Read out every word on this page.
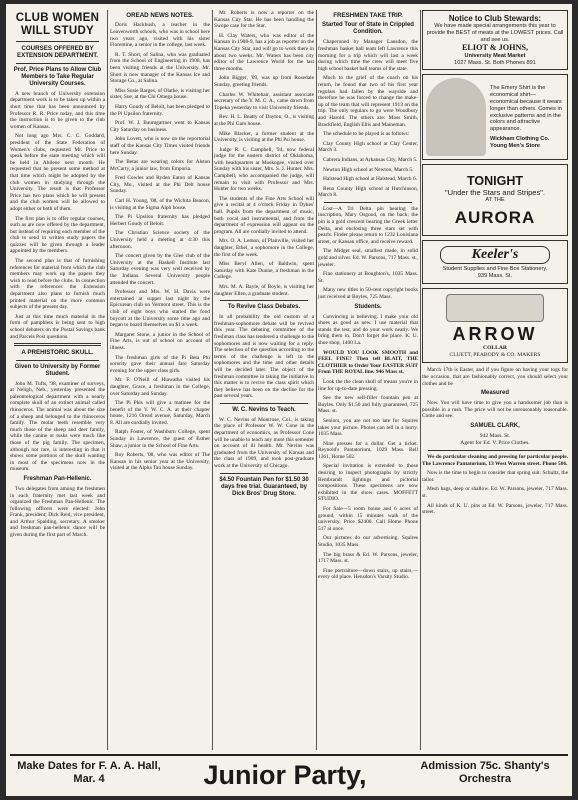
CLUB WOMEN WILL STUDY
COURSES OFFERED BY EXTENSION DEPARTMENT.
Prof. Price Plans to Allow Club Members to Take Regular University Courses.

A new branch of University extension department work is to be taken up within a short time that has been announced by Professor R. R. Price today, and this time the instruction is to be given to the club women of Kansas.

Not long ago Mrs. C. C. Goddard, president of the State Federation of Women's clubs, requested Mr. Price to speak before the state meeting which will be held in Abilene next month. He requested that he present some method at that time which might be adopted by the club women in studying through the University. The result is that Professor Price has two plans which he will present and the club women will be allowed to adopt either or both of them.

The first plan is to offer regular courses, such as are now offered by the department, but instead of requiring each member of the club to send in written study papers the quizzes will be given through a leader appointed by the members.

The second plan is that of furnishing references for material from which the club members may work up the papers they wish to read before the clubs. In connection with the references the Extension department also plans to furnish much printed material on the more common subjects of the present day.

Just at this time much material in the form of pamphlets is being sent to high school debaters on the Postal Savings bank and Parcels Post questions.

A PREHISTORIC SKULL.
Given to University by Former Student.

John M. Tufts, '98, examiner of surveys, at Neligh, Neb., yesterday presented the paleontological department with a nearly complete skull of an extinct animal called rhinoceros. The animal was about the size of a sheep and belonged to the rhinoceros family. The molar teeth resemble very much those of the sheep and deer family, while the canine or tusks were much like those of the pig family. The specimen, although not rare, is interesting in that it shows some portions of the skull wanting in most of the specimens now in the museum.

Freshman Pan-Hellenic.

Two delegates from among the freshmen in each fraternity met last week and organized the Freshman Pan-Hellenic. The following officers were elected: John Frank, president; Dick Reid, vice president, and Arthur Spalding, secretary. A smoker and freshman pan-hellenic dance will be given during the first part of March.

OREAD NEWS NOTES.

Doris Hackbush, a teacher in the Leavenworth schools, who was in school here two years ago, visited with his sister Florentine, a senior in the college, last week.

R. T. Short, of Salina, who was graduated from the School of Engineering in 1908, has been visiting friends at the University. Mr. Short is now manager of the Kansas Ice and Storage Co., at Salina.

Miss Susie Barges, of Olathe, is visiting her sister, Sue, at the Chi Omega house.

Harry Goudy of Beloit, has been pledged to the Pi Upsilon fraternity.

Prof. W. J. Baumgartner went to Kansas City Saturday on business.

John Lovett, who is now on the reportorial staff of the Kansas City Times visited friends here Sunday.

The Betas are wearing colors for Alston McCarty, a junior law, from Emporia.

Fred Cowles and Ryden Eaton of Kansas City, Mo., visited at the Phi Delt house Sunday.

Carl H. Young, '08, of the Wichita Beacon, is visiting at the Sigma Alph house.

The Pi Upsilon fraternity has pledged Herbert Goudy of Beloit.

The Christian Science society of the University held a meeting at 4:30 this afternoon.

The concert given by the Glee club of the University at the Haskell Institute last Saturday evening was very well received by the Indians. Several University people attended the concert.

Professor and Mrs. W. H. Davis were entertained at supper last night by the Epicurean club on Vermont street. This is the club of eight boys who started the food boycott at the University some time ago and began to board themselves on $1 a week.

Margaret Stone, a junior in the School of Fine Arts, is out of school on account of illness.

The freshman girls of the Pi Beta Phi sorority gave their annual fare Saturday evening for the upper class girls.

Mr. F. O'Neill of Hiawatha visited his daughter, Grace, a freshman in the College, over Saturday and Sunday.

The Pi Phis will give a matinee for the benefit of the Y. W. C. A. at their chapter house, 1216 Oread avenue, Saturday, March 8. All are cordially invited.

Ralph Foster, of Washburn College, spent Sunday in Lawrence, the guest of Esther Shaw, a junior in the School of Fine Arts.

Roy Roberts, '08, who was editor of The Kansan in his senior year at the University, visited at the Alpha Tau house Sunday.

Mr. Roberts is now a reporter on the Kansas City Star. He has been handling the Swope case for the Star.

H. Clay Waters, who was editor of the Kansan in 1908-9, has a job as reporter on the Kansas City Star, and will go to work there in about two weeks. Mr. Waters has been city editor of the Lawrence World for the last three months.

John Bigger, '09, was up from Rosedale Sunday, greeting friends.

Charles W. Whitehair, assistant associate secretary of the Y. M. C. A., came down from Topeka yesterday to visit University friends.

Rev. H. L. Beatty of Dayton, O., is visiting at the Phi Gam house.

Mike Blacker, a former student at the University, is visiting at the Phi Psi house.

Judge R. C. Campbell, '94, now federal judge for the eastern district of Oklahoma, with headquarters at Muskogee, visited over Sunday with his sister, Mrs. S. J. Hunter. Mrs. Campbell, who accompanied the judge, will remain to visit with Professor and Mrs. Hunter for two weeks.

The students of the Fine Arts School will give a recital at 4 o'clock Friday in Dykes' hall. Pupils from the department of music, both vocal and instrumental, and from the department of expression will appear on the program. All are cordially invited to attend.

Mrs. O. A. Lemon, of Plainville, visited her daughter, Ethel, a sophomore in the College, the first of the week.

Miss Beryl Allen, of Baldwin, spent Saturday with Kate Dunne, a freshman in the College.

Mrs. M. A. Bayle, of Boyle, is visiting her daughter Ellen, a graduate student.

To Revive Class Debates.

In all probability the old custom of a freshman-sophomore debate will be revived this year. The debating committee of the freshman class has tendered a challenge to the sophomores and is now waiting for a reply. The selection of the question according to the terms of the challenge is left to the sophomores and the time and other details will be decided later. The object of the freshman committee in taking the initiative in this matter is to revive the class spirit which they believe has been on the decline for the past several years.

W. C. Nevins to Teach.

W. C. Nevins of Montrose, Col., is taking the place of Professor W. W. Cone in the department of economics, as Professor Cone will be unable to teach any more this semester on account of ill health. Mr. Nevins was graduated from the University of Kansas and the class of 1909, and took post-graduate work at the University of Chicago.

$4.50 Fountain Pen for $1.50 30 days free trial. Guaranteed, by Dick Bros' Drug Store.
FRESHMEN TAKE TRIP.
Started Tour of State in Crippled Condition.

Chaperoned by Manager Lansdon, the freshman basket ball team left Lawrence this morning for a trip which will last a week during which time the crew will meet five high school basket ball teams of the state.

Much to the grief of the coach on his return, he found that two of his first year regulars had fallen by the wayside and therefore he was forced to change the make-up of the team that will represent 1913 on the trip. The only regulars to go were Woodbury and Harold. The others are: Moss Smith, Brackfield, English Ellis and Maineman.

The schedule to be played is as follows:

Clay County High school at Clay Center, March 3.

Cabrera Indians, at Arkansas City, March 5.

Newton High school at Newton, March 5.

Halstead High school at Halstead, March 6.

Reno County High school at Hutchinson, March 8.

Lost—A Tri Delta pin bearing the inscription, Mary Osgood, on the back; the pin is a gold crescent bearing the Greek letter Delta, and enclosing three stars set with pearls. Finder please return to 1232 Louisiana street, or Kansan office, and receive reward.

The Midget seal, smallest made, in solid gold and silver. Ed. W. Parsons, 717 Mass. st., jeweler.

Fine stationery at Boughton's, 1035 Mass. St.

Many new titles in 50-cent copyright books just received at Boyles, 725 Mass.

Students.

Convincing is believing. I make your old shoes as good as new. I use material that stands the test, and do your work neatly. We bring them in. Don't forget the place. K. U. shoe shop, 1400 La.

WOULD YOU LOOK SMOOTH and FEEL FINE? Then tell BLAIT, THE CLOTHIER to Order Your EASTER SUIT From THE ROYAL line. 946 Mass st.

Look the the clean skull of means you're in line for up-to-date pressing.

See the new self-filler fountain pen at Boyles. Only $1.50 and fully guaranteed, 725 Mass. st.

Seniors, you are not too late for Squires takes your picture. Photos can tell in a hurry. 1035 Mass.

Nine presses for a dollar. Get a ticket. Reynold's Pantatorium, 1029 Mass. Bell 1361, Home 502.

Special invitation is extended to those desiring to inspect photographs by strictly Rembrandt lightings and pictorial compositions. These specimens are now exhibited in the show cases. MOFFETT STUDIO.

For Sale—5 room house and 6 acres of ground, within 15 minutes walk of the university. Price $2400. Call Home Phone 517 at once.

Our pictures do our advertising. Squires Studio, 1035 Mass.

The big brass & Ed. W. Parsons, jeweler, 1717 Mass. st.

Fine portraiture—down stairs, up stairs,—every old place. Hensdon's Varsity Studio.

Notice to Club Stewards:
We have made special arrangements this year to provide the BEST of meats at the LOWEST prices. Call and see us.
ELIOT & JOHNS,
University Meat Market
1027 Mass. St. Both Phones 891
The Emery Shirt is the economical shirt—economical because it wears longer than others. Comes in exclusive patterns and in the colors and attractive appearance.
Wickham Clothing Co. Young Men's Store
TONIGHT
"Under the Stars and Stripes".
AT THE
AURORA
Keeler's
Student Supplies and Fine Box Stationery.
939 Mass. St.
ARROW
COLLAR
CLUETT, PEABODY & CO. MAKERS

March 17th is Easter, and if you figure on having your togs for the occasion, that are fashionably correct, you should select your clothes and be

Measured

Now. You will have time to give you a handsomer job than is possible in a rush. The price will not be unreasonably reasonable. Come and see.

SAMUEL CLARK,
942 Mass. St.
Agent for Ed. V. Price Clothes.

We do particular cleaning and pressing for particular people. The Lawrence Pantatorium, 13 West Warren street. Phone 506.

Now is the time to begin to consider that spring suit. Schultz, the tailor.

Mesh bags, deep or shallow. Ed. W. Parsons, jeweler, 717 Mass. st.

All kinds of K. U. pins at Ed. W. Parsons, jeweler, 717 Mass. street.

Make Dates for F. A. A. Hall, Mar. 4	Junior Party,	Admission 75c. Shanty's Orchestra
